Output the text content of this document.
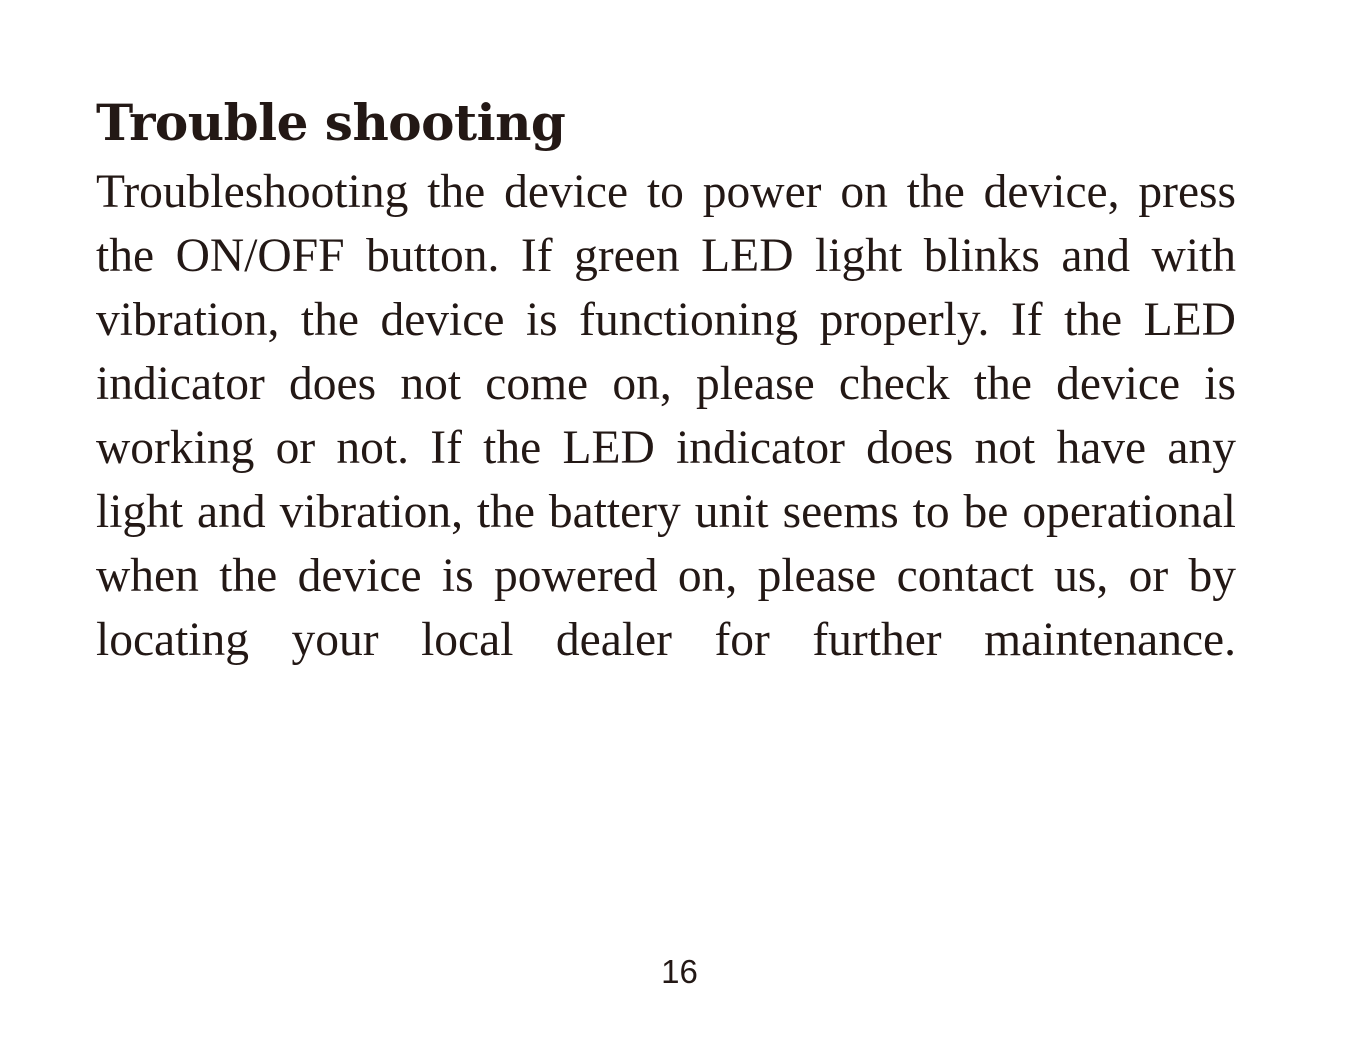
Trouble shooting
Troubleshooting the device to power on the device, press
the ON/OFF button. If green LED light blinks and with
vibration, the device is functioning properly. If the LED
indicator does not come on, please check the device is
working or not. If the LED indicator does not have any
light and vibration, the battery unit seems to be operational
when the device is powered on, please contact us, or by
locating your local dealer for further maintenance.
16
